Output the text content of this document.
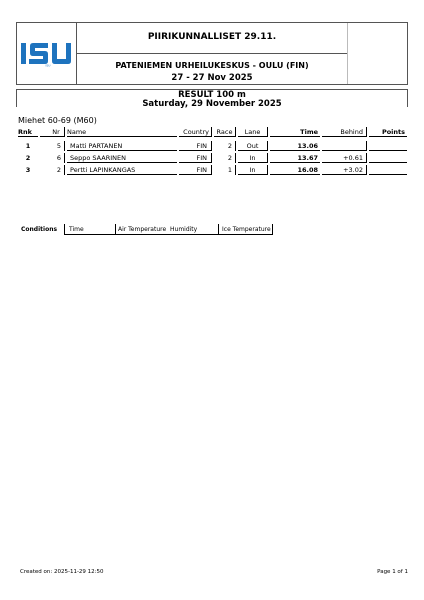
ISU
PIIRIKUNNALLISET 29.11.
PATENIEMEN URHEILUKESKUS - OULU (FIN)
27 - 27 Nov 2025
RESULT 100 m
Saturday, 29 November 2025
Miehet 60-69 (M60)
Rnk	Nr	Name	Country	Race	Lane	Time	Behind	Points
1	5	Matti PARTANEN	FIN	2	Out	13.06
2	6	Seppo SAARINEN	FIN	2	In	13.67	+0.61
3	2	Pertti LAPINKANGAS	FIN	1	In	16.08	+3.02
Conditions	Time	Air Temperature Humidity	Ice Temperature
Created on: 2025-11-29 12:50	Page 1 of 1
